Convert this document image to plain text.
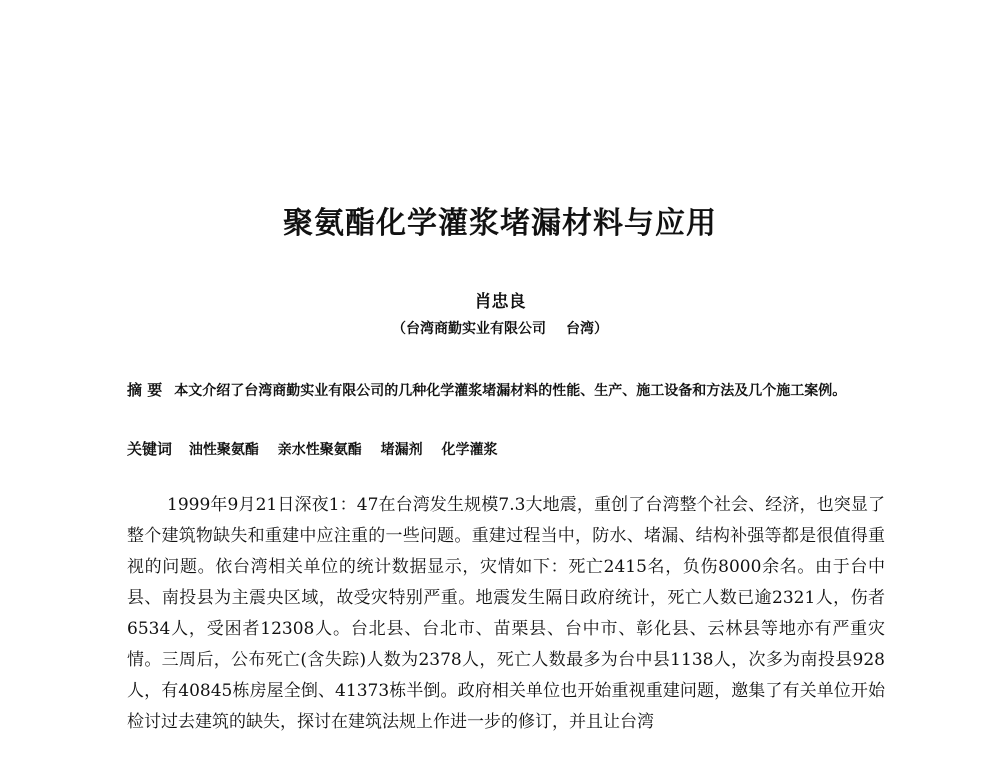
聚氨酯化学灌浆堵漏材料与应用
肖忠良
（台湾商勤实业有限公司 台湾）
摘 要 本文介绍了台湾商勤实业有限公司的几种化学灌浆堵漏材料的性能、生产、施工设备和方法及几个施工案例。
关键词 油性聚氨酯 亲水性聚氨酯 堵漏剂 化学灌浆
1999年9月21日深夜1：47在台湾发生规模7.3大地震，重创了台湾整个社会、经济，也突显了整个建筑物缺失和重建中应注重的一些问题。重建过程当中，防水、堵漏、结构补强等都是很值得重视的问题。依台湾相关单位的统计数据显示，灾情如下：死亡2415名，负伤8000余名。由于台中县、南投县为主震央区域，故受灾特别严重。地震发生隔日政府统计，死亡人数已逾2321人，伤者6534人，受困者12308人。台北县、台北市、苗栗县、台中市、彰化县、云林县等地亦有严重灾情。三周后，公布死亡(含失踪)人数为2378人，死亡人数最多为台中县1138人，次多为南投县928人，有40845栋房屋全倒、41373栋半倒。政府相关单位也开始重视重建问题，邀集了有关单位开始检讨过去建筑的缺失，探讨在建筑法规上作进一步的修订，并且让台湾
